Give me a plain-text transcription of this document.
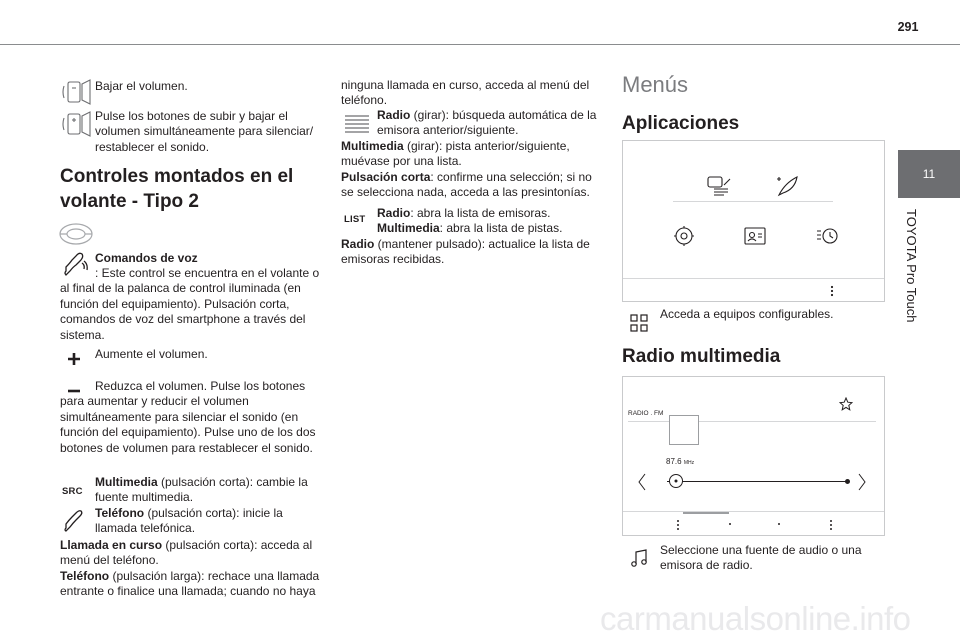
291
11
TOYOTA Pro Touch
Bajar el volumen.
Pulse los botones de subir y bajar el volumen simultáneamente para silenciar/ restablecer el sonido.
Controles montados en el volante - Tipo 2
Comandos de voz
: Este control se encuentra en el volante o al final de la palanca de control iluminada (en función del equipamiento). Pulsación corta, comandos de voz del smartphone a través del sistema.
Aumente el volumen.
Reduzca el volumen. Pulse los botones para aumentar y reducir el volumen simultáneamente para silenciar el sonido (en función del equipamiento). Pulse uno de los dos botones de volumen para restablecer el sonido.
SRC
Multimedia (pulsación corta): cambie la fuente multimedia.
Teléfono (pulsación corta): inicie la llamada telefónica.
Llamada en curso (pulsación corta): acceda al menú del teléfono.
Teléfono (pulsación larga): rechace una llamada entrante o finalice una llamada; cuando no haya
ninguna llamada en curso, acceda al menú del teléfono.
Radio (girar): búsqueda automática de la emisora anterior/siguiente.
Multimedia (girar): pista anterior/siguiente, muévase por una lista.
Pulsación corta: confirme una selección; si no se selecciona nada, acceda a las presintonías.
LIST Radio: abra la lista de emisoras.
Multimedia: abra la lista de pistas.
Radio (mantener pulsado): actualice la lista de emisoras recibidas.
Menús
Aplicaciones
Acceda a equipos configurables.
Radio multimedia
RADIO . FM
87.6 MHz
Seleccione una fuente de audio o una emisora de radio.
carmanualsonline.info
